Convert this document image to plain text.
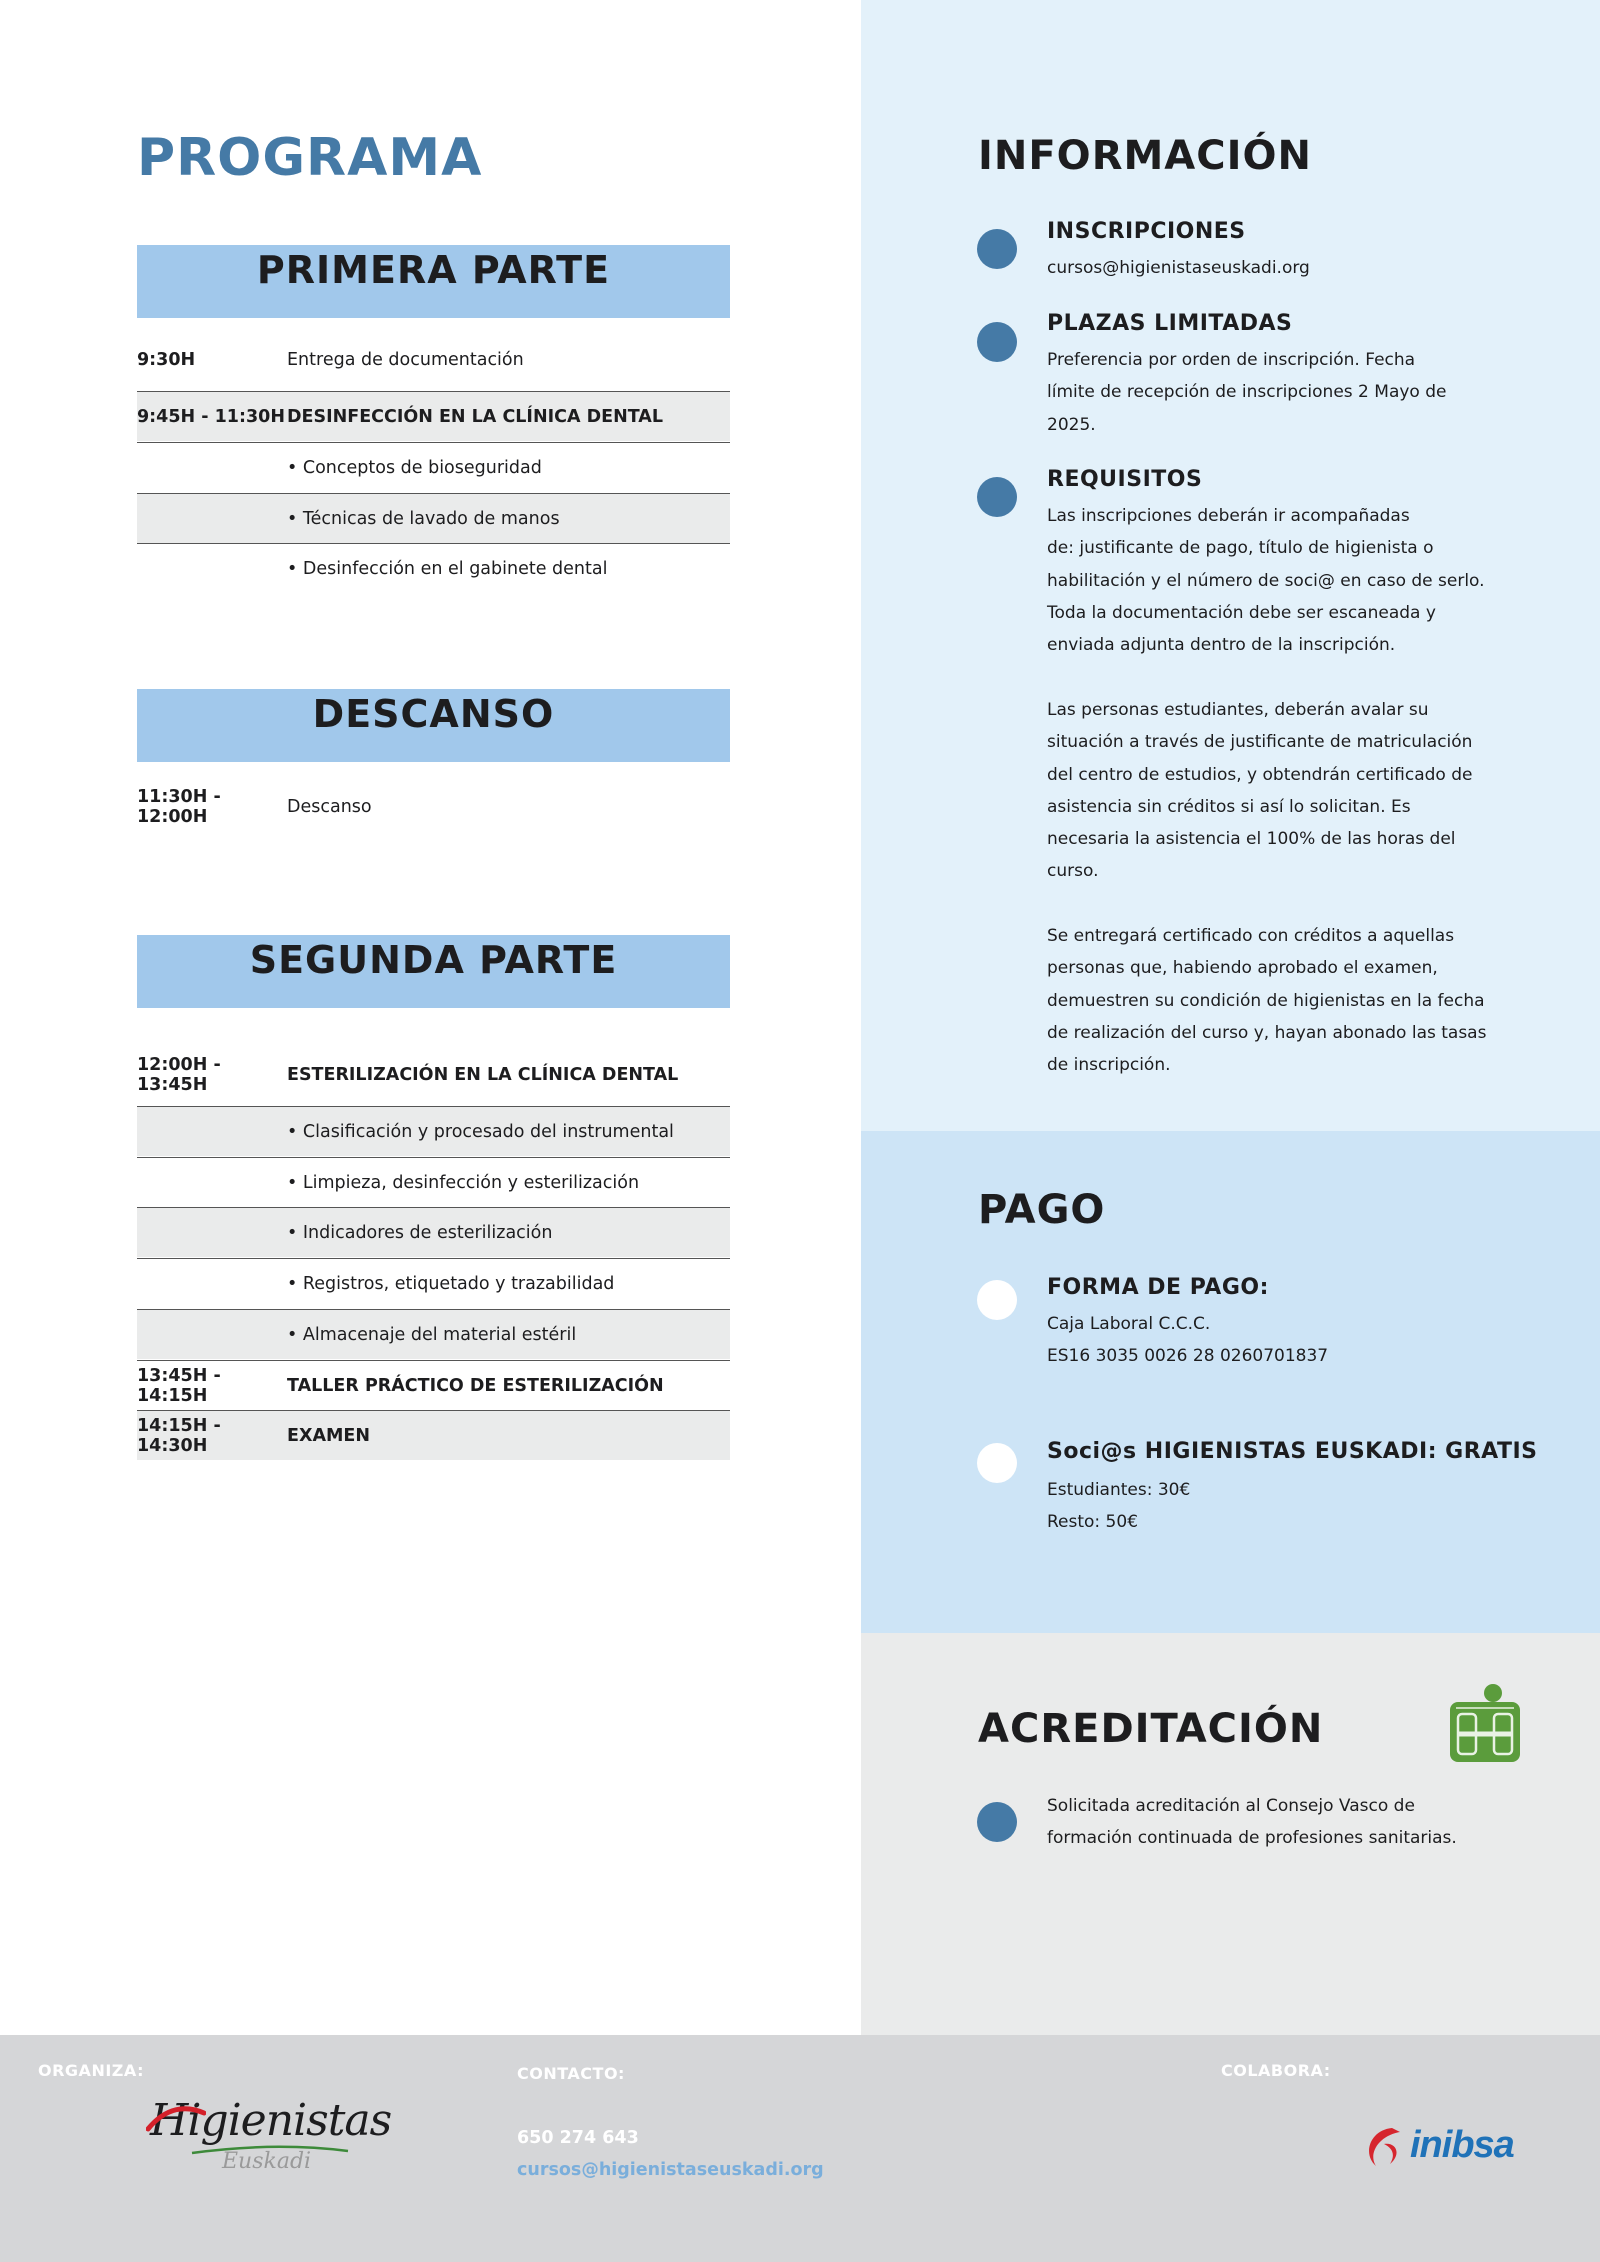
PROGRAMA
PRIMERA PARTE
9:30H	Entrega de documentación
9:45H - 11:30H DESINFECCIÓN EN LA CLÍNICA DENTAL
• Conceptos de bioseguridad
• Técnicas de lavado de manos
• Desinfección en el gabinete dental
DESCANSO
11:30H - 12:00H	Descanso
SEGUNDA PARTE
12:00H - 13:45H	ESTERILIZACIÓN EN LA CLÍNICA DENTAL
• Clasificación y procesado del instrumental
• Limpieza, desinfección y esterilización
• Indicadores de esterilización
• Registros, etiquetado y trazabilidad
• Almacenaje del material estéril
13:45H - 14:15H	TALLER PRÁCTICO DE ESTERILIZACIÓN
14:15H - 14:30H	EXAMEN
INFORMACIÓN
INSCRIPCIONES
cursos@higienistaseuskadi.org
PLAZAS LIMITADAS
Preferencia por orden de inscripción. Fecha
límite de recepción de inscripciones 2 Mayo de
2025.
REQUISITOS
Las inscripciones deberán ir acompañadas
de: justificante de pago, título de higienista o
habilitación y el número de soci@ en caso de serlo.
Toda la documentación debe ser escaneada y
enviada adjunta dentro de la inscripción.
Las personas estudiantes, deberán avalar su
situación a través de justificante de matriculación
del centro de estudios, y obtendrán certificado de
asistencia sin créditos si así lo solicitan. Es
necesaria la asistencia el 100% de las horas del
curso.
Se entregará certificado con créditos a aquellas
personas que, habiendo aprobado el examen,
demuestren su condición de higienistas en la fecha
de realización del curso y, hayan abonado las tasas
de inscripción.
PAGO
FORMA DE PAGO:
Caja Laboral C.C.C.
ES16 3035 0026 28 0260701837
Soci@s HIGIENISTAS EUSKADI: GRATIS
Estudiantes: 30€
Resto: 50€
ACREDITACIÓN
Solicitada acreditación al Consejo Vasco de
formación continuada de profesiones sanitarias.
ORGANIZA:	CONTACTO:	COLABORA:
650 274 643
cursos@higienistaseuskadi.org
Higienistas
Euskadi	inibsa
